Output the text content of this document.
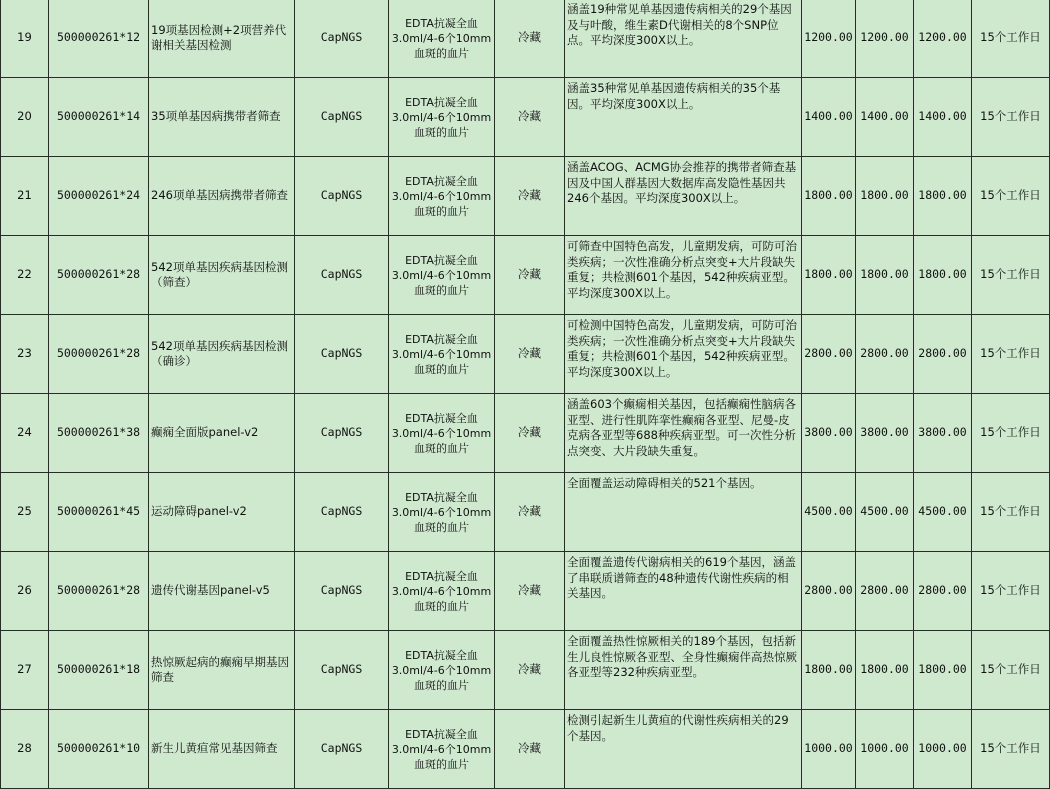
19	500000261*12	19项基因检测+2项营养代谢相关基因检测	CapNGS	EDTA抗凝全血3.0ml/4-6个10mm血斑的血片	冷藏	涵盖19种常见单基因遗传病相关的29个基因及与叶酸，维生素D代谢相关的8个SNP位点。平均深度300X以上。	1200.00	1200.00	1200.00	15个工作日
20	500000261*14	35项单基因病携带者筛查	CapNGS	EDTA抗凝全血3.0ml/4-6个10mm血斑的血片	冷藏	涵盖35种常见单基因遗传病相关的35个基因。平均深度300X以上。	1400.00	1400.00	1400.00	15个工作日
21	500000261*24	246项单基因病携带者筛查	CapNGS	EDTA抗凝全血3.0ml/4-6个10mm血斑的血片	冷藏	涵盖ACOG、ACMG协会推荐的携带者筛查基因及中国人群基因大数据库高发隐性基因共246个基因。平均深度300X以上。	1800.00	1800.00	1800.00	15个工作日
22	500000261*28	542项单基因疾病基因检测（筛查）	CapNGS	EDTA抗凝全血3.0ml/4-6个10mm血斑的血片	冷藏	可筛查中国特色高发，儿童期发病，可防可治类疾病；一次性准确分析点突变+大片段缺失重复；共检测601个基因，542种疾病亚型。平均深度300X以上。	1800.00	1800.00	1800.00	15个工作日
23	500000261*28	542项单基因疾病基因检测（确诊）	CapNGS	EDTA抗凝全血3.0ml/4-6个10mm血斑的血片	冷藏	可检测中国特色高发，儿童期发病，可防可治类疾病；一次性准确分析点突变+大片段缺失重复；共检测601个基因，542种疾病亚型。平均深度300X以上。	2800.00	2800.00	2800.00	15个工作日
24	500000261*38	癫痫全面版panel-v2	CapNGS	EDTA抗凝全血3.0ml/4-6个10mm血斑的血片	冷藏	涵盖603个癫痫相关基因，包括癫痫性脑病各亚型、进行性肌阵挛性癫痫各亚型、尼曼-皮克病各亚型等688种疾病亚型。可一次性分析点突变、大片段缺失重复。	3800.00	3800.00	3800.00	15个工作日
25	500000261*45	运动障碍panel-v2	CapNGS	EDTA抗凝全血3.0ml/4-6个10mm血斑的血片	冷藏	全面覆盖运动障碍相关的521个基因。	4500.00	4500.00	4500.00	15个工作日
26	500000261*28	遗传代谢基因panel-v5	CapNGS	EDTA抗凝全血3.0ml/4-6个10mm血斑的血片	冷藏	全面覆盖遗传代谢病相关的619个基因，涵盖了串联质谱筛查的48种遗传代谢性疾病的相关基因。	2800.00	2800.00	2800.00	15个工作日
27	500000261*18	热惊厥起病的癫痫早期基因筛查	CapNGS	EDTA抗凝全血3.0ml/4-6个10mm血斑的血片	冷藏	全面覆盖热性惊厥相关的189个基因，包括新生儿良性惊厥各亚型、全身性癫痫伴高热惊厥各亚型等232种疾病亚型。	1800.00	1800.00	1800.00	15个工作日
28	500000261*10	新生儿黄疸常见基因筛查	CapNGS	EDTA抗凝全血3.0ml/4-6个10mm血斑的血片	冷藏	检测引起新生儿黄疸的代谢性疾病相关的29个基因。	1000.00	1000.00	1000.00	15个工作日
